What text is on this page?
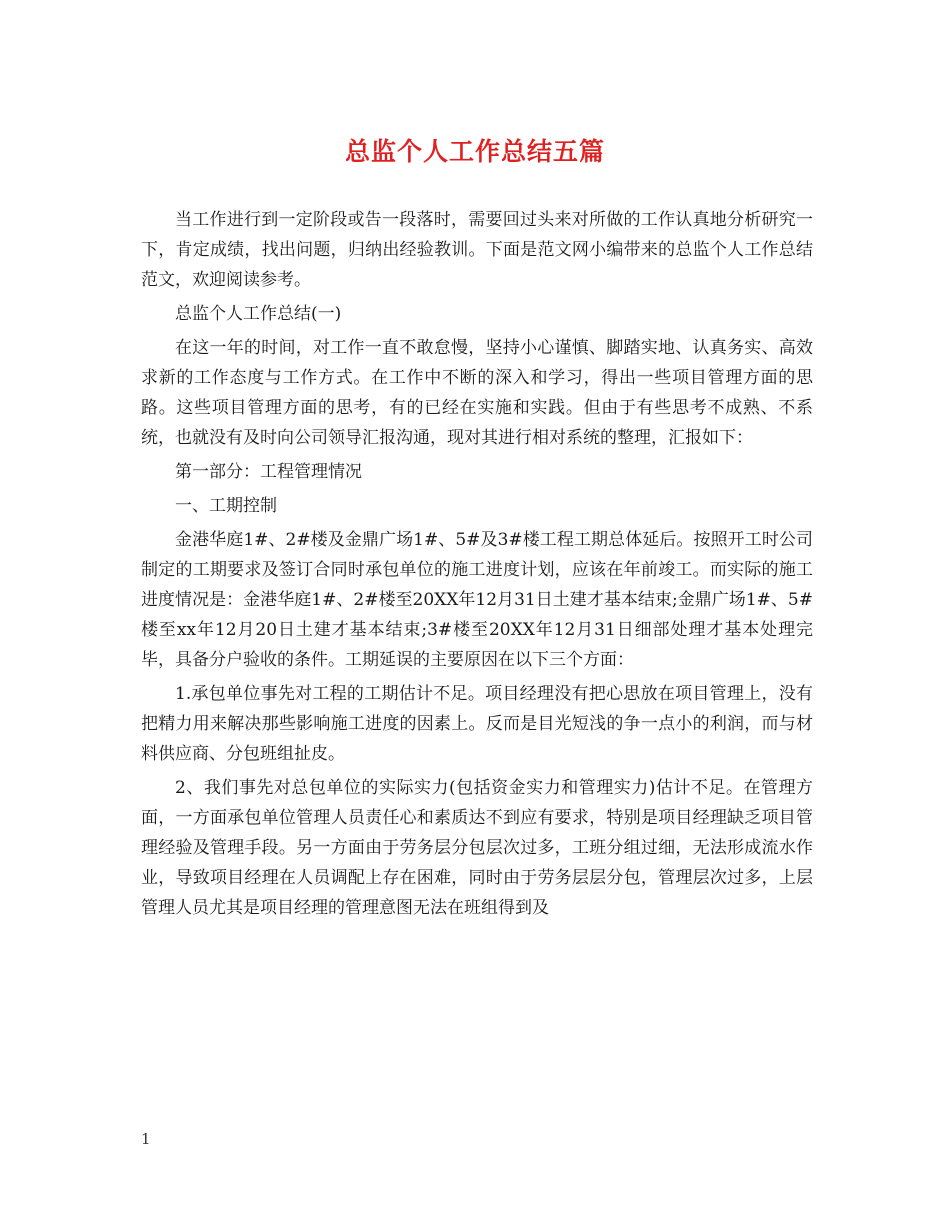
总监个人工作总结五篇

当工作进行到一定阶段或告一段落时，需要回过头来对所做的工作认真地分析研究一下，肯定成绩，找出问题，归纳出经验教训。下面是范文网小编带来的总监个人工作总结范文，欢迎阅读参考。

总监个人工作总结(一)

在这一年的时间，对工作一直不敢怠慢，坚持小心谨慎、脚踏实地、认真务实、高效求新的工作态度与工作方式。在工作中不断的深入和学习，得出一些项目管理方面的思路。这些项目管理方面的思考，有的已经在实施和实践。但由于有些思考不成熟、不系统，也就没有及时向公司领导汇报沟通，现对其进行相对系统的整理，汇报如下：

第一部分：工程管理情况

一、工期控制

金港华庭1#、2#楼及金鼎广场1#、5#及3#楼工程工期总体延后。按照开工时公司制定的工期要求及签订合同时承包单位的施工进度计划，应该在年前竣工。而实际的施工进度情况是：金港华庭1#、2#楼至20XX年12月31日土建才基本结束;金鼎广场1#、5#楼至xx年12月20日土建才基本结束;3#楼至20XX年12月31日细部处理才基本处理完毕，具备分户验收的条件。工期延误的主要原因在以下三个方面：

1.承包单位事先对工程的工期估计不足。项目经理没有把心思放在项目管理上，没有把精力用来解决那些影响施工进度的因素上。反而是目光短浅的争一点小的利润，而与材料供应商、分包班组扯皮。

2、我们事先对总包单位的实际实力(包括资金实力和管理实力)估计不足。在管理方面，一方面承包单位管理人员责任心和素质达不到应有要求，特别是项目经理缺乏项目管理经验及管理手段。另一方面由于劳务层分包层次过多，工班分组过细，无法形成流水作业，导致项目经理在人员调配上存在困难，同时由于劳务层层分包，管理层次过多，上层管理人员尤其是项目经理的管理意图无法在班组得到及

1
